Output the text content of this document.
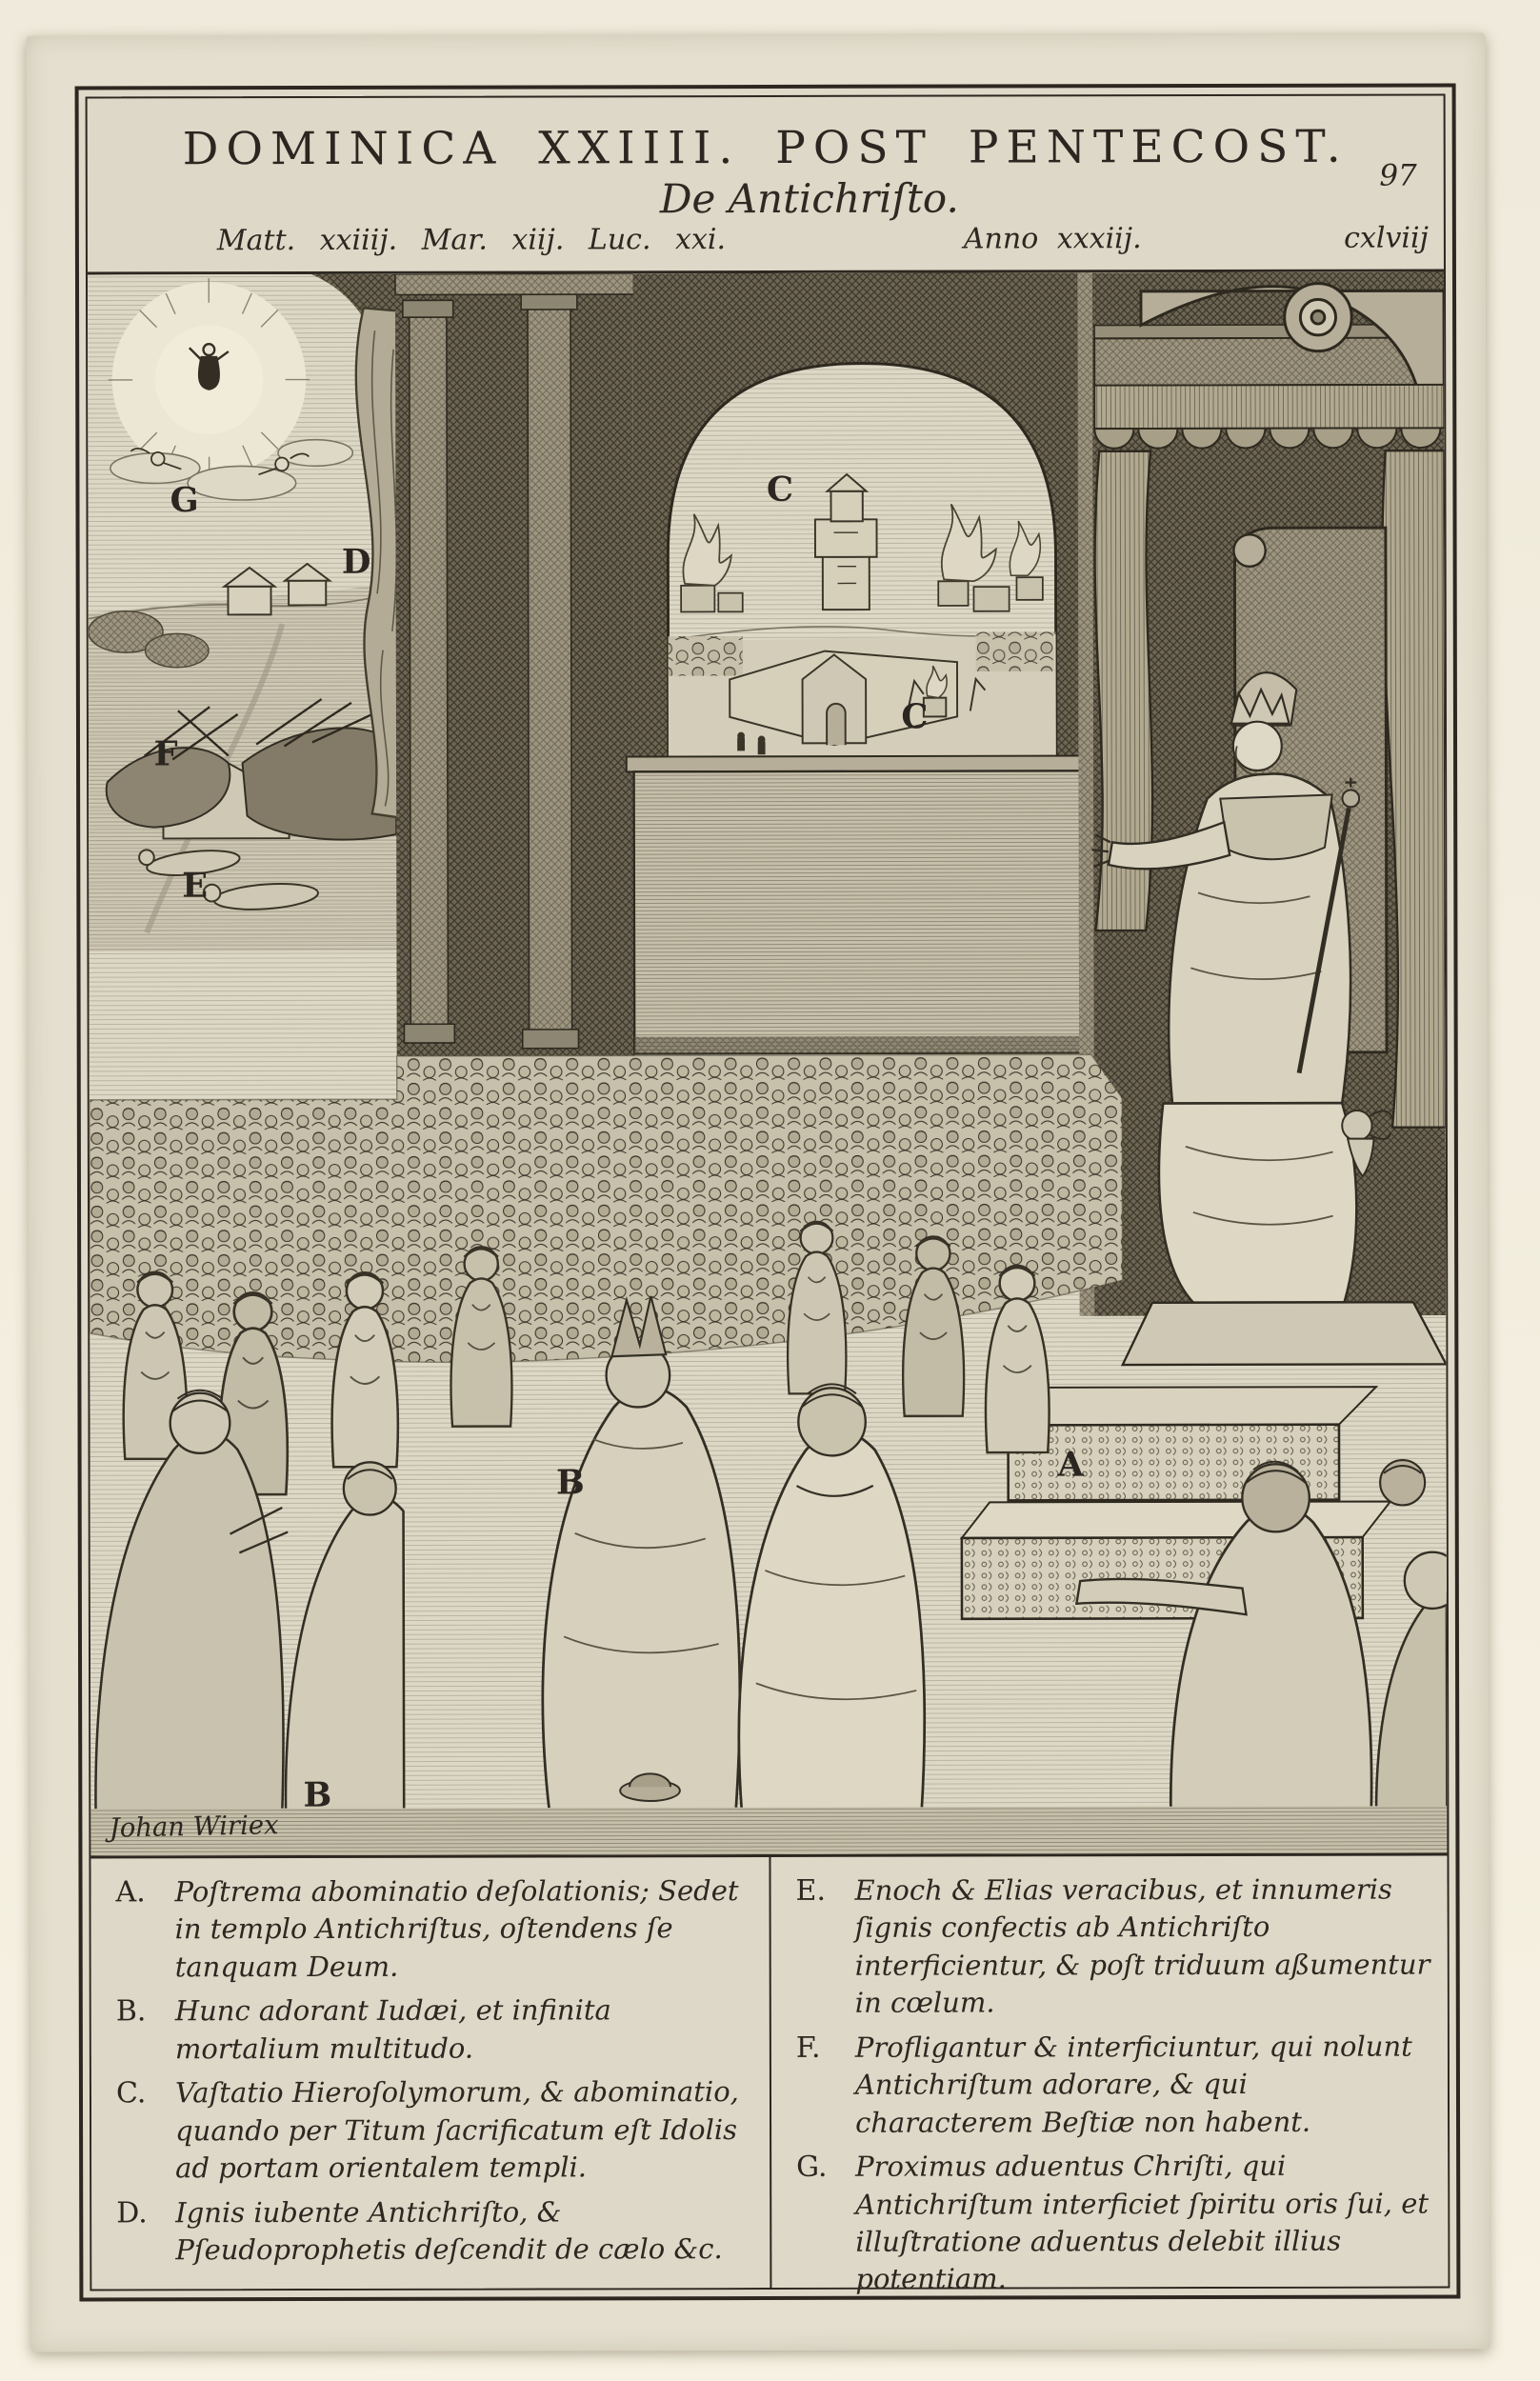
DOMINICA XXIIII. POST PENTECOST.
De Antichriſto.	97
Matt. xxiiij. Mar. xiij. Luc. xxi.	Anno xxxiij.	cxlviij
G
D
C
C
F
E
B
B
A
Johan Wiriex
A.	Poſtrema abominatio deſolationis; Sedet in templo Antichriſtus, oſtendens ſe tanquam Deum.
B.	Hunc adorant Iudæi, et infinita mortalium multitudo.
C.	Vaſtatio Hieroſolymorum, & abominatio, quando per Titum ſacrificatum eſt Idolis ad portam orientalem templi.
D.	Ignis iubente Antichriſto, & Pſeudoprophetis deſcendit de cælo &c.
E.	Enoch & Elias veracibus, et innumeris ſignis confectis ab Antichriſto interficientur, & poſt triduum aßumentur in cœlum.
F.	Profligantur & interficiuntur, qui nolunt Antichriſtum adorare, & qui characterem Beſtiæ non habent.
G.	Proximus aduentus Chriſti, qui Antichriſtum interficiet ſpiritu oris ſui, et illuſtratione aduentus delebit illius potentiam.
